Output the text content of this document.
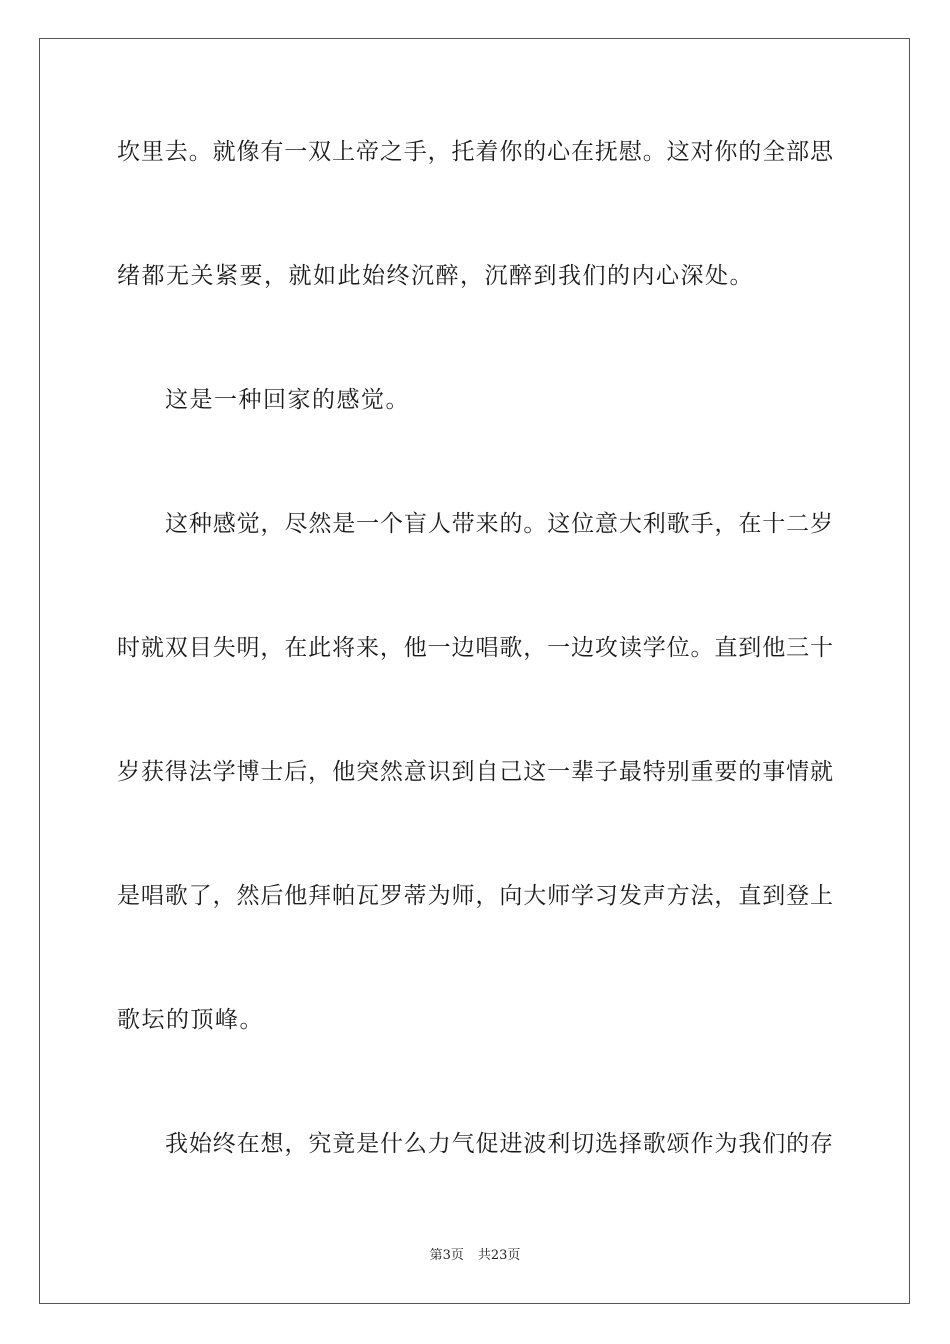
坎里去。就像有一双上帝之手，托着你的心在抚慰。这对你的全部思
绪都无关紧要，就如此始终沉醉，沉醉到我们的内心深处。
这是一种回家的感觉。
这种感觉，尽然是一个盲人带来的。这位意大利歌手，在十二岁
时就双目失明，在此将来，他一边唱歌，一边攻读学位。直到他三十
岁获得法学博士后，他突然意识到自己这一辈子最特别重要的事情就
是唱歌了，然后他拜帕瓦罗蒂为师，向大师学习发声方法，直到登上
歌坛的顶峰。
我始终在想，究竟是什么力气促进波利切选择歌颂作为我们的存
第3页 共23页
